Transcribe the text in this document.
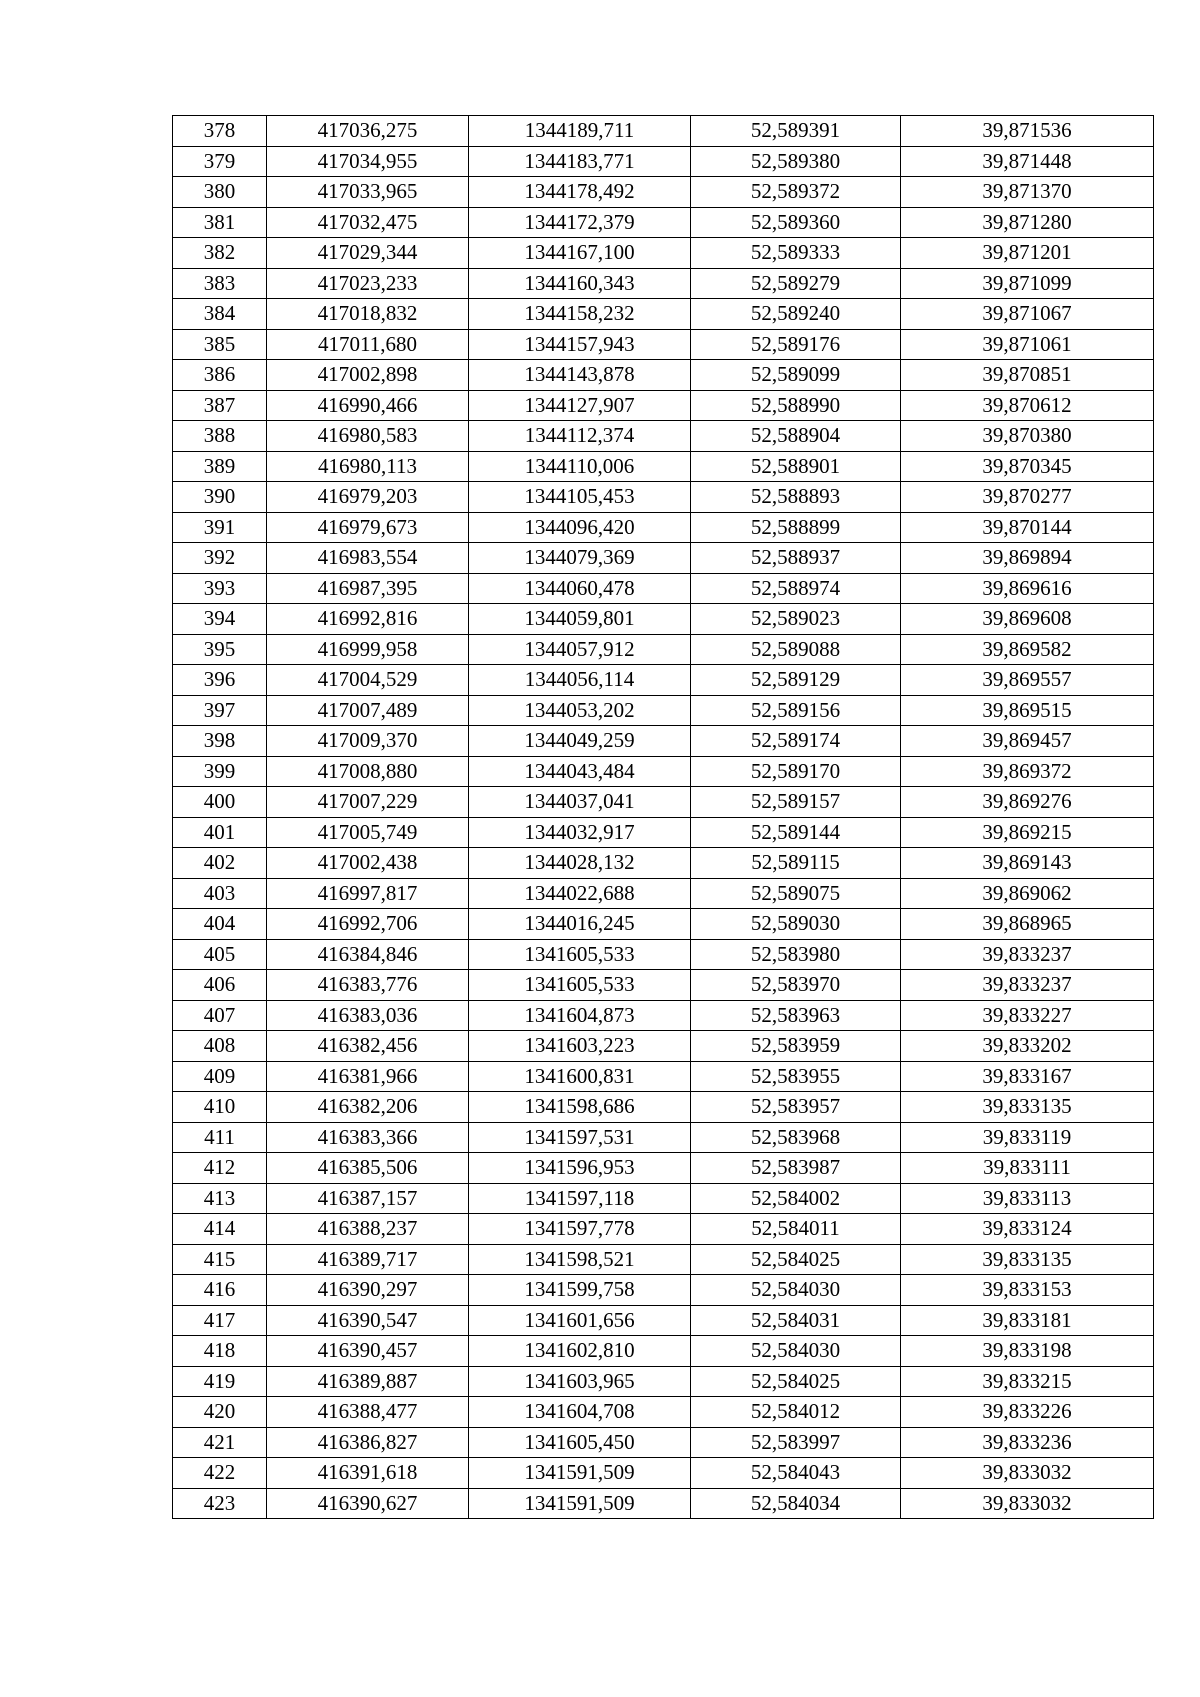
378	417036,275	1344189,711	52,589391	39,871536
379	417034,955	1344183,771	52,589380	39,871448
380	417033,965	1344178,492	52,589372	39,871370
381	417032,475	1344172,379	52,589360	39,871280
382	417029,344	1344167,100	52,589333	39,871201
383	417023,233	1344160,343	52,589279	39,871099
384	417018,832	1344158,232	52,589240	39,871067
385	417011,680	1344157,943	52,589176	39,871061
386	417002,898	1344143,878	52,589099	39,870851
387	416990,466	1344127,907	52,588990	39,870612
388	416980,583	1344112,374	52,588904	39,870380
389	416980,113	1344110,006	52,588901	39,870345
390	416979,203	1344105,453	52,588893	39,870277
391	416979,673	1344096,420	52,588899	39,870144
392	416983,554	1344079,369	52,588937	39,869894
393	416987,395	1344060,478	52,588974	39,869616
394	416992,816	1344059,801	52,589023	39,869608
395	416999,958	1344057,912	52,589088	39,869582
396	417004,529	1344056,114	52,589129	39,869557
397	417007,489	1344053,202	52,589156	39,869515
398	417009,370	1344049,259	52,589174	39,869457
399	417008,880	1344043,484	52,589170	39,869372
400	417007,229	1344037,041	52,589157	39,869276
401	417005,749	1344032,917	52,589144	39,869215
402	417002,438	1344028,132	52,589115	39,869143
403	416997,817	1344022,688	52,589075	39,869062
404	416992,706	1344016,245	52,589030	39,868965
405	416384,846	1341605,533	52,583980	39,833237
406	416383,776	1341605,533	52,583970	39,833237
407	416383,036	1341604,873	52,583963	39,833227
408	416382,456	1341603,223	52,583959	39,833202
409	416381,966	1341600,831	52,583955	39,833167
410	416382,206	1341598,686	52,583957	39,833135
411	416383,366	1341597,531	52,583968	39,833119
412	416385,506	1341596,953	52,583987	39,833111
413	416387,157	1341597,118	52,584002	39,833113
414	416388,237	1341597,778	52,584011	39,833124
415	416389,717	1341598,521	52,584025	39,833135
416	416390,297	1341599,758	52,584030	39,833153
417	416390,547	1341601,656	52,584031	39,833181
418	416390,457	1341602,810	52,584030	39,833198
419	416389,887	1341603,965	52,584025	39,833215
420	416388,477	1341604,708	52,584012	39,833226
421	416386,827	1341605,450	52,583997	39,833236
422	416391,618	1341591,509	52,584043	39,833032
423	416390,627	1341591,509	52,584034	39,833032
